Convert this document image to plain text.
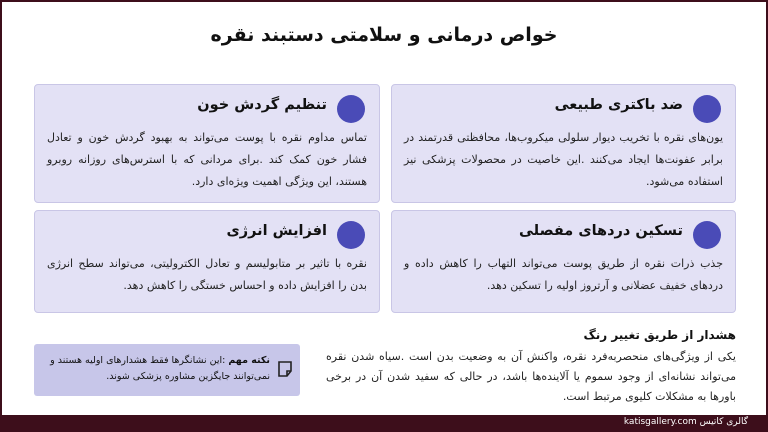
خواص درمانی و سلامتی دستبند نقره
ضد باکتری طبیعی
یون‌های نقره با تخریب دیوار سلولی میکروب‌ها، محافظتی قدرتمند در برابر عفونت‌ها ایجاد می‌کنند .این خاصیت در محصولات پزشکی نیز استفاده می‌شود.
تنظیم گردش خون
تماس مداوم نقره با پوست می‌تواند به بهبود گردش خون و تعادل فشار خون کمک کند .برای مردانی که با استرس‌های روزانه روبرو هستند، این ویژگی اهمیت ویژه‌ای دارد.
تسکین دردهای مفصلی
جذب ذرات نقره از طریق پوست می‌تواند التهاب را کاهش داده و دردهای خفیف عضلانی و آرتروز اولیه را تسکین دهد.
افزایش انرژی
نقره با تاثیر بر متابولیسم و تعادل الکترولیتی، می‌تواند سطح انرژی بدن را افزایش داده و احساس خستگی را کاهش دهد.
هشدار از طریق تغییر رنگ
یکی از ویژگی‌های منحصربه‌فرد نقره، واکنش آن به وضعیت بدن است .سیاه شدن نقره می‌تواند نشانه‌ای از وجود سموم یا آلاینده‌ها باشد، در حالی که سفید شدن آن در برخی باورها به مشکلات کلیوی مرتبط است.
نکته مهم :این نشانگرها فقط هشدارهای اولیه هستند و نمی‌توانند جایگزین مشاوره پزشکی شوند.
گالری کاتیس katisgallery.com
